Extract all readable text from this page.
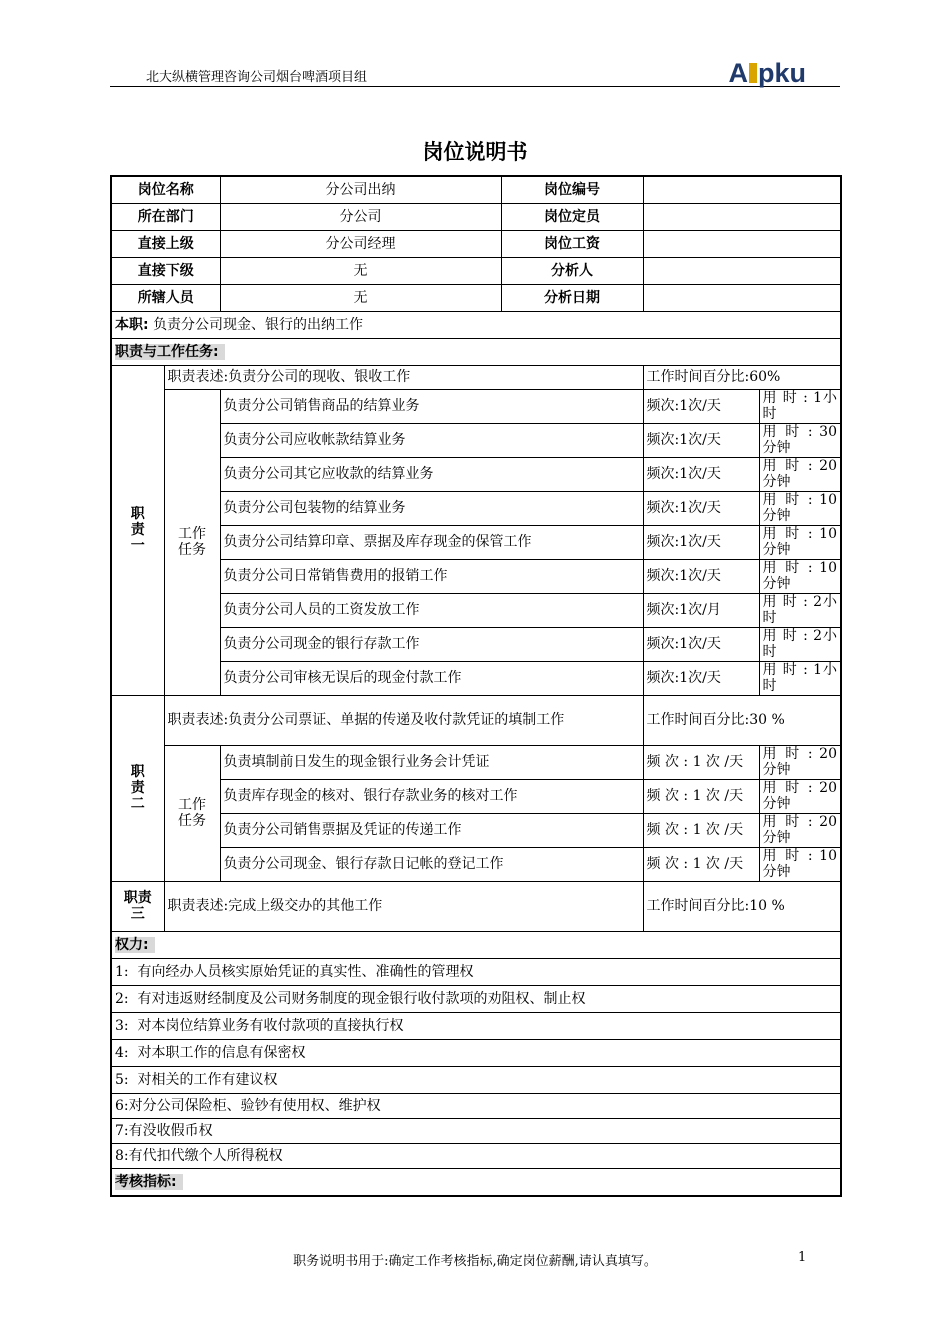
北大纵横管理咨询公司烟台啤酒项目组	A pku
岗位说明书
岗位名称		分公司出纳	岗位编号		
所在部门		分公司	岗位定员		
直接上级		分公司经理	岗位工资		
直接下级		无	分析人		
所辖人员		无	分析日期		
本职: 负责分公司现金、银行的出纳工作					
职责与工作任务:					
职责一	职责表述:负责分公司的现收、银收工作			工作时间百分比:60%	
	工作任务	负责分公司销售商品的结算业务		频次:1次/天	用 时 : 1小时
		负责分公司应收帐款结算业务		频次:1次/天	用 时 : 30分钟
		负责分公司其它应收款的结算业务		频次:1次/天	用 时 : 20分钟
		负责分公司包装物的结算业务		频次:1次/天	用 时 : 10分钟
		负责分公司结算印章、票据及库存现金的保管工作		频次:1次/天	用 时 : 10分钟
		负责分公司日常销售费用的报销工作		频次:1次/天	用 时 : 10分钟
		负责分公司人员的工资发放工作		频次:1次/月	用 时 : 2小时
		负责分公司现金的银行存款工作		频次:1次/天	用 时 : 2小时
		负责分公司审核无误后的现金付款工作		频次:1次/天	用 时 : 1小时
职责二	职责表述:负责分公司票证、单据的传递及收付款凭证的填制工作			工作时间百分比:30 %	
	工作任务	负责填制前日发生的现金银行业务会计凭证		频 次 : 1 次 /天	用 时 : 20分钟
		负责库存现金的核对、银行存款业务的核对工作		频 次 : 1 次 /天	用 时 : 20分钟
		负责分公司销售票据及凭证的传递工作		频 次 : 1 次 /天	用 时 : 20分钟
		负责分公司现金、银行存款日记帐的登记工作		频 次 : 1 次 /天	用 时 : 10分钟
职责三	职责表述:完成上级交办的其他工作			工作时间百分比:10 %	
权力:					
1:  有向经办人员核实原始凭证的真实性、准确性的管理权					
2:  有对违返财经制度及公司财务制度的现金银行收付款项的劝阻权、制止权					
3:  对本岗位结算业务有收付款项的直接执行权					
4:  对本职工作的信息有保密权					
5:  对相关的工作有建议权					
6:对分公司保险柜、验钞有使用权、维护权					
7:有没收假币权					
8:有代扣代缴个人所得税权					
考核指标:					
职务说明书用于:确定工作考核指标,确定岗位薪酬,请认真填写。	1
